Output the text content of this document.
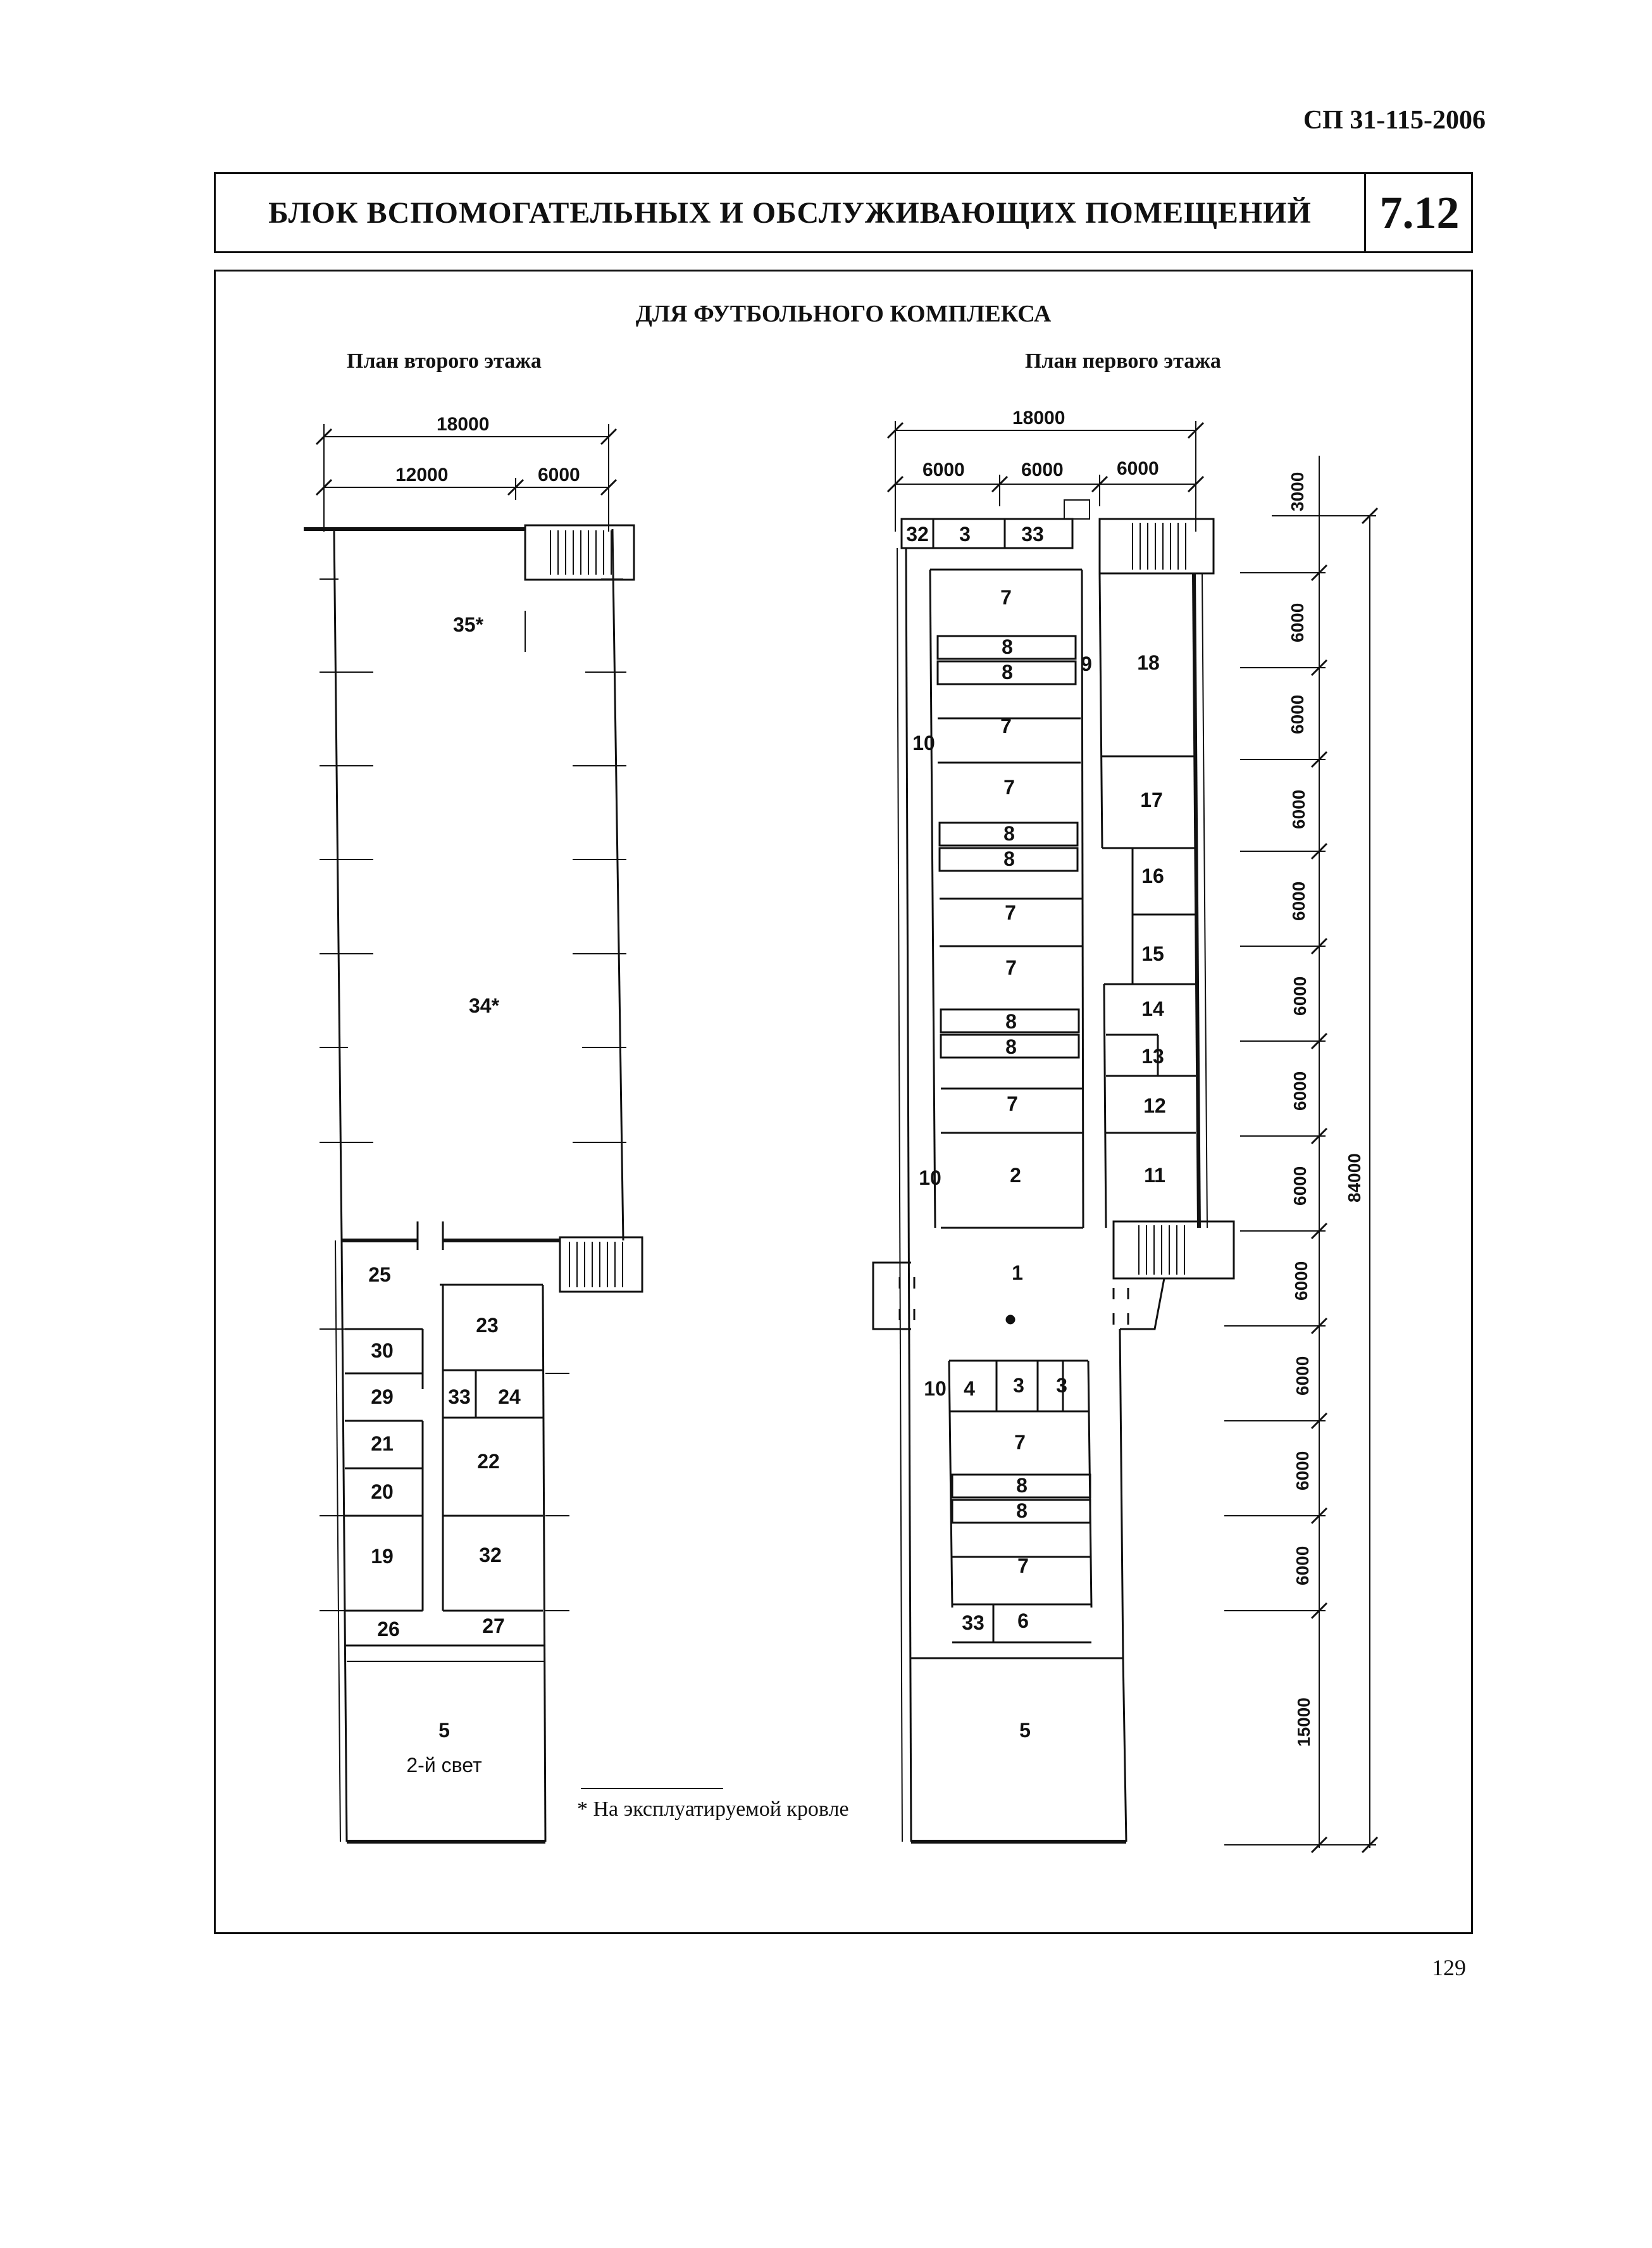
СП 31-115-2006
БЛОК ВСПОМОГАТЕЛЬНЫХ И ОБСЛУЖИВАЮЩИХ ПОМЕЩЕНИЙ	7.12
ДЛЯ ФУТБОЛЬНОГО КОМПЛЕКСА
План второго этажа	План первого этажа
18000
12000	6000
35*
34*
25
23
30
29	33 24
21
22
20
19	32
26	27
5
2-й свет
18000
6000	6000	6000
3000
6000
6000
6000
6000
6000
6000
6000
6000
6000
6000
6000
15000
84000
32 3	33
7
8
8	9 18
7
10
7
17
8
8
16
7
15
7
14
8
8	13
7	12
10	2	11
1
10 4 3 3
7
8
8
7
33 6
5
* На эксплуатируемой кровле
129
